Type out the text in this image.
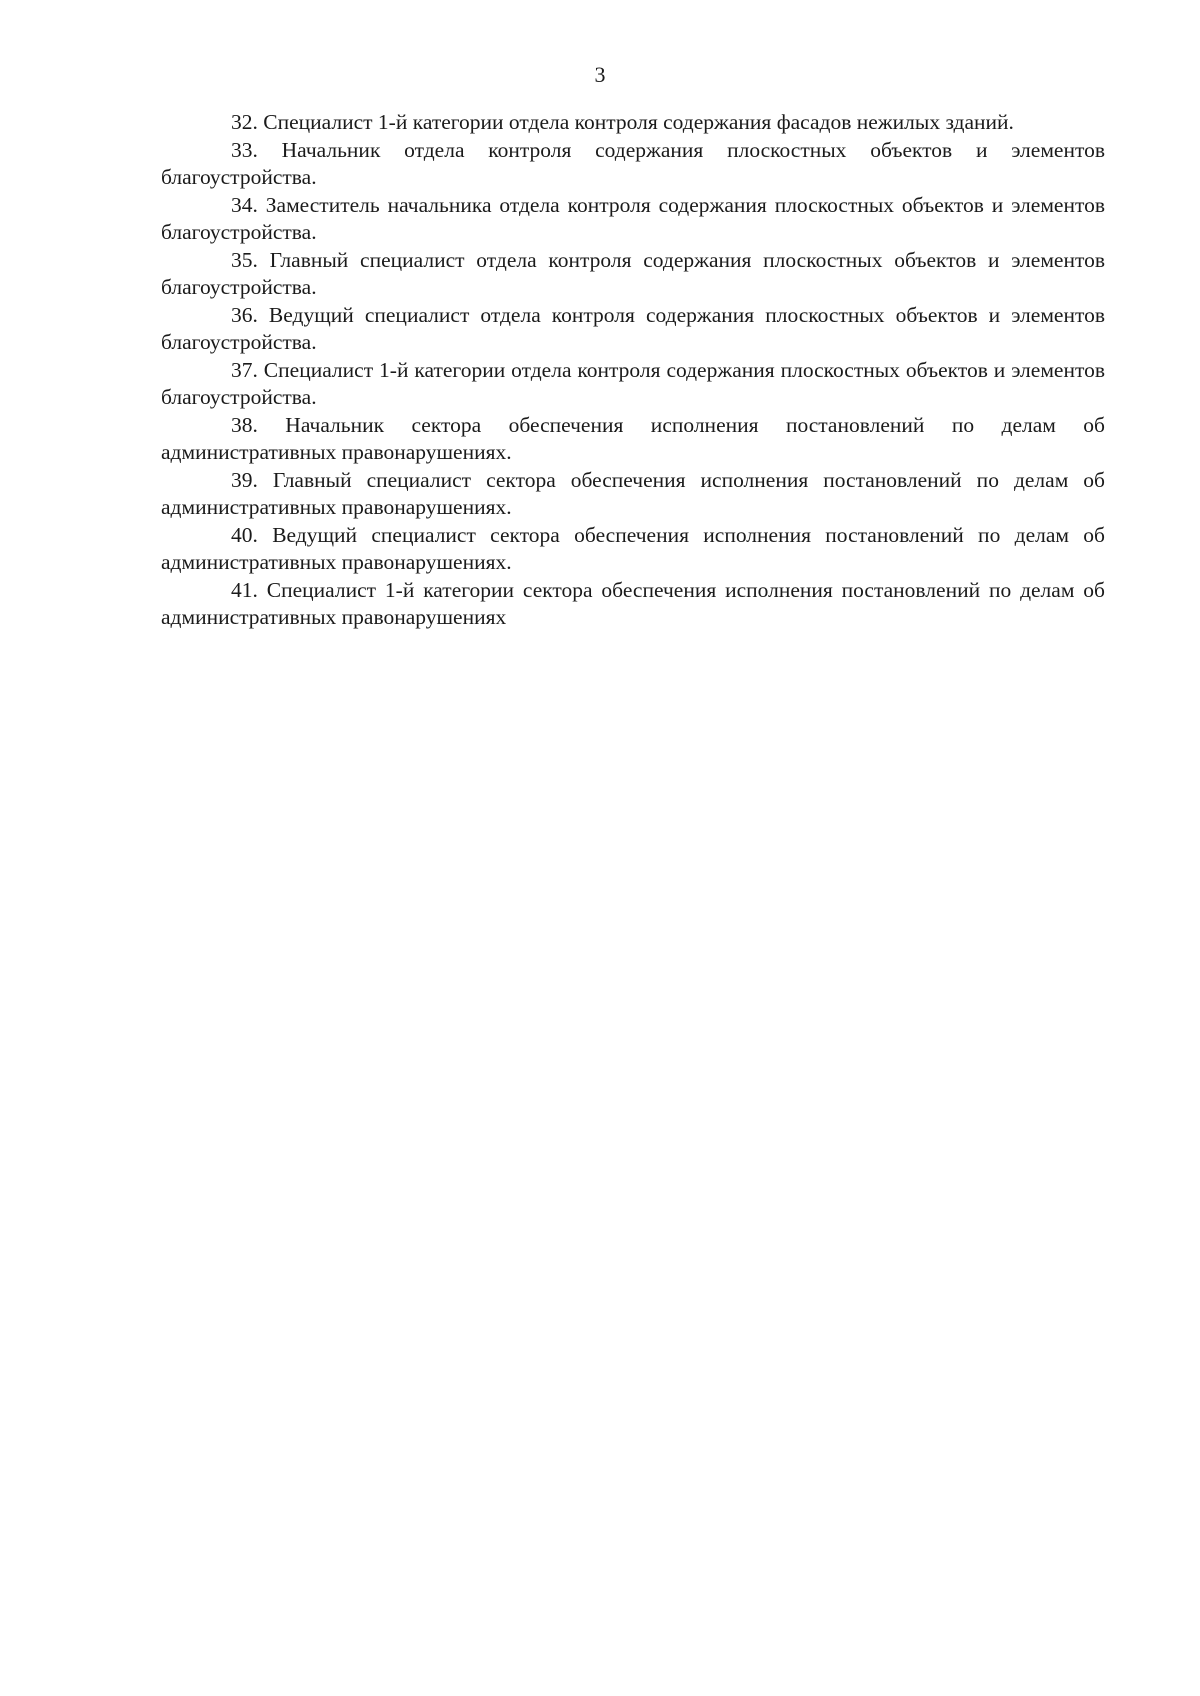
3

32. Специалист 1-й категории отдела контроля содержания фасадов нежилых зданий.

33. Начальник отдела контроля содержания плоскостных объектов и элементов благоустройства.

34. Заместитель начальника отдела контроля содержания плоскостных объектов и элементов благоустройства.

35. Главный специалист отдела контроля содержания плоскостных объектов и элементов благоустройства.

36. Ведущий специалист отдела контроля содержания плоскостных объектов и элементов благоустройства.

37. Специалист 1-й категории отдела контроля содержания плоскостных объектов и элементов благоустройства.

38. Начальник сектора обеспечения исполнения постановлений по делам об административных правонарушениях.

39. Главный специалист сектора обеспечения исполнения постановлений по делам об административных правонарушениях.

40. Ведущий специалист сектора обеспечения исполнения постановлений по делам об административных правонарушениях.

41. Специалист 1-й категории сектора обеспечения исполнения постановлений по делам об административных правонарушениях
